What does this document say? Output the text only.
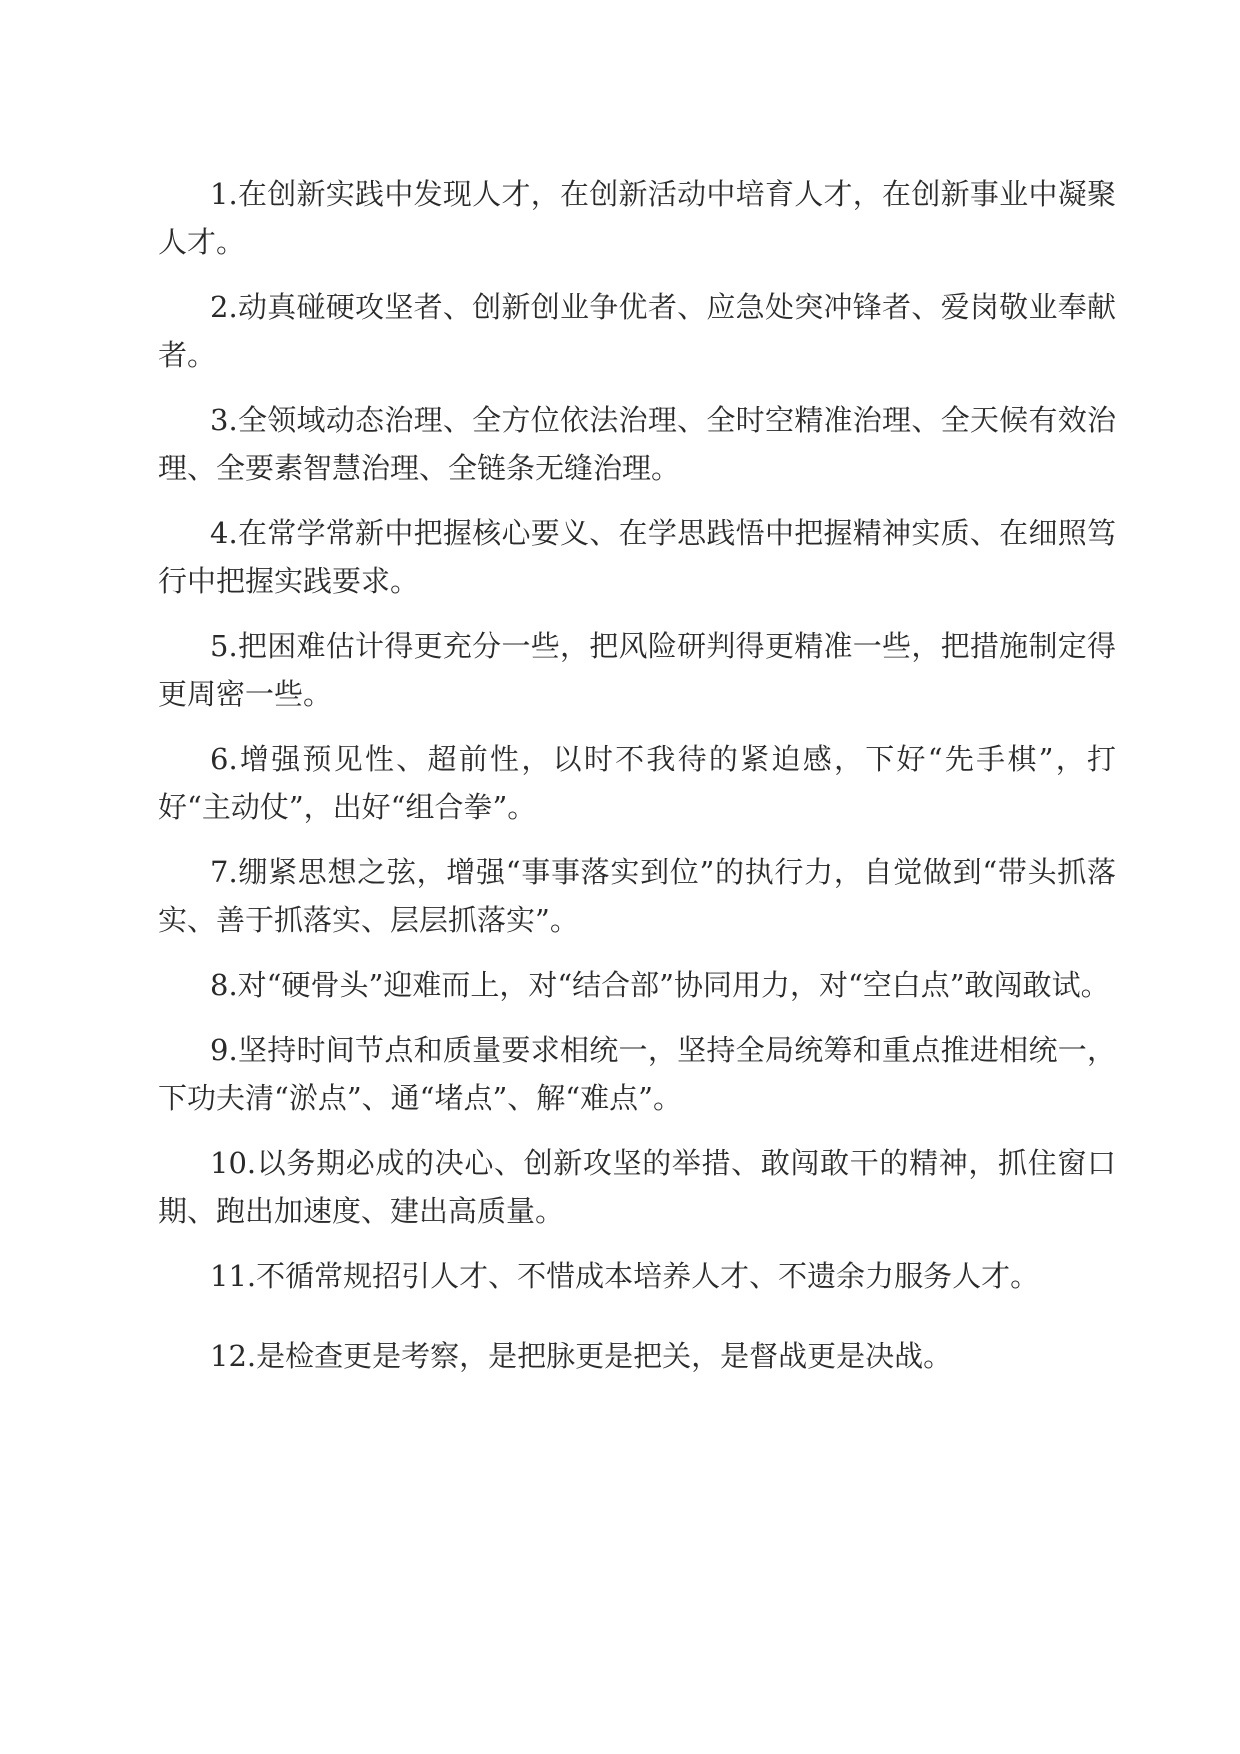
1.在创新实践中发现人才，在创新活动中培育人才，在创新事业中凝聚人才。

2.动真碰硬攻坚者、创新创业争优者、应急处突冲锋者、爱岗敬业奉献者。

3.全领域动态治理、全方位依法治理、全时空精准治理、全天候有效治理、全要素智慧治理、全链条无缝治理。

4.在常学常新中把握核心要义、在学思践悟中把握精神实质、在细照笃行中把握实践要求。

5.把困难估计得更充分一些，把风险研判得更精准一些，把措施制定得更周密一些。

6.增强预见性、超前性，以时不我待的紧迫感，下好“先手棋”，打好“主动仗”，出好“组合拳”。

7.绷紧思想之弦，增强“事事落实到位”的执行力，自觉做到“带头抓落实、善于抓落实、层层抓落实”。

8.对“硬骨头”迎难而上，对“结合部”协同用力，对“空白点”敢闯敢试。

9.坚持时间节点和质量要求相统一，坚持全局统筹和重点推进相统一，下功夫清“淤点”、通“堵点”、解“难点”。

10.以务期必成的决心、创新攻坚的举措、敢闯敢干的精神，抓住窗口期、跑出加速度、建出高质量。

11.不循常规招引人才、不惜成本培养人才、不遗余力服务人才。

12.是检查更是考察，是把脉更是把关，是督战更是决战。
